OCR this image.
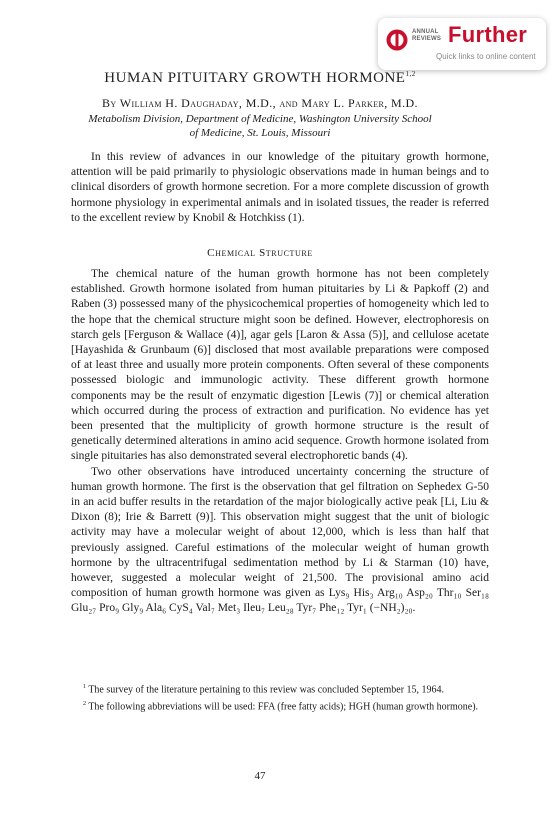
ANNUAL
REVIEWS Further
Quick links to online content
HUMAN PITUITARY GROWTH HORMONE$^{1,2}$
By William H. Daughaday, M.D., and Mary L. Parker, M.D.
Metabolism Division, Department of Medicine, Washington University School
of Medicine, St. Louis, Missouri

In this review of advances in our knowledge of the pituitary growth hormone, attention will be paid primarily to physiologic observations made in human beings and to clinical disorders of growth hormone secretion. For a more complete discussion of growth hormone physiology in experimental animals and in isolated tissues, the reader is referred to the excellent review by Knobil & Hotchkiss (1).

Chemical Structure

The chemical nature of the human growth hormone has not been completely established. Growth hormone isolated from human pituitaries by Li & Papkoff (2) and Raben (3) possessed many of the physicochemical properties of homogeneity which led to the hope that the chemical structure might soon be defined. However, electrophoresis on starch gels [Ferguson & Wallace (4)], agar gels [Laron & Assa (5)], and cellulose acetate [Hayashida & Grunbaum (6)] disclosed that most available preparations were composed of at least three and usually more protein components. Often several of these components possessed biologic and immunologic activity. These different growth hormone components may be the result of enzymatic digestion [Lewis (7)] or chemical alteration which occurred during the process of extraction and purification. No evidence has yet been presented that the multiplicity of growth hormone structure is the result of genetically determined alterations in amino acid sequence. Growth hormone isolated from single pituitaries has also demonstrated several electrophoretic bands (4).

Two other observations have introduced uncertainty concerning the structure of human growth hormone. The first is the observation that gel filtration on Sephedex G-50 in an acid buffer results in the retardation of the major biologically active peak [Li, Liu & Dixon (8); Irie & Barrett (9)]. This observation might suggest that the unit of biologic activity may have a molecular weight of about 12,000, which is less than half that previously assigned. Careful estimations of the molecular weight of human growth hormone by the ultracentrifugal sedimentation method by Li & Starman (10) have, however, suggested a molecular weight of 21,500. The provisional amino acid composition of human growth hormone was given as Lys₉ His₃ Arg₁₀ Asp₂₀ Thr₁₀ Ser₁₈ Glu₂₇ Pro₉ Gly₉ Ala₆ CyS₄ Val₇ Met₃ Ileu₇ Leu₂₈ Tyr₇ Phe₁₂ Tyr₁ (−NH₂)₂₀.

$^1$ The survey of the literature pertaining to this review was concluded September 15, 1964.

$^2$ The following abbreviations will be used: FFA (free fatty acids); HGH (human growth hormone).

47
